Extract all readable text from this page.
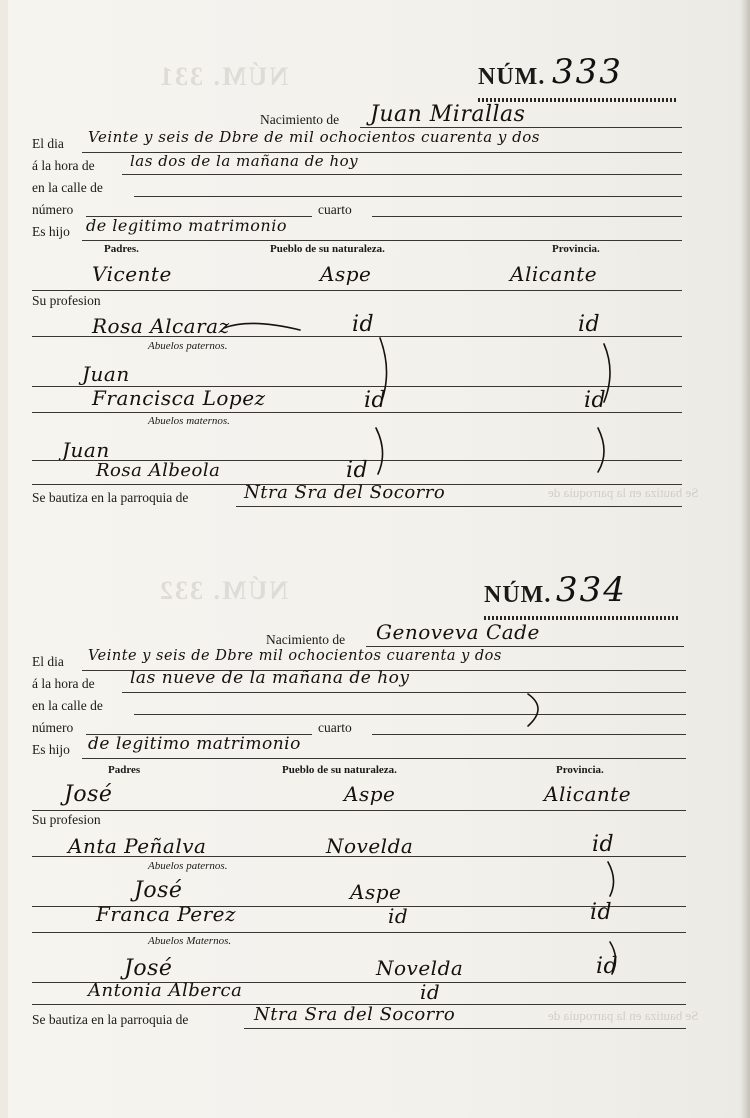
NÚM. 331
NÚM. 332
Se bautiza en la parroquia de
Se bautiza en la parroquia de
NÚM. 333
Nacimiento de Juan Mirallas
El dia Veinte y seis de Dbre de mil ochocientos cuarenta y dos
á la hora de las dos de la mañana de hoy
en la calle de
número	cuarto
Es hijo de legitimo matrimonio
Padres.	Pueblo de su naturaleza.	Provincia.
Vicente	Aspe	Alicante
Su profesion
Rosa Alcaraz	id	id
Abuelos paternos.
Juan
Francisca Lopez	id	id
Abuelos maternos.
Juan
Rosa Albeola	id
Se bautiza en la parroquia de	Ntra Sra del Socorro
NÚM. 334
Nacimiento de Genoveva Cade
El dia Veinte y seis de Dbre mil ochocientos cuarenta y dos
á la hora de las nueve de la mañana de hoy
en la calle de
número	cuarto
Es hijo de legitimo matrimonio
Padres	Pueblo de su naturaleza.	Provincia.
José	Aspe	Alicante
Su profesion
Anta Peñalva	Novelda	id
Abuelos paternos.
José	Aspe
Franca Perez	id	id
Abuelos Maternos.
José	Novelda	id
Antonia Alberca	id
Se bautiza en la parroquia de	Ntra Sra del Socorro
